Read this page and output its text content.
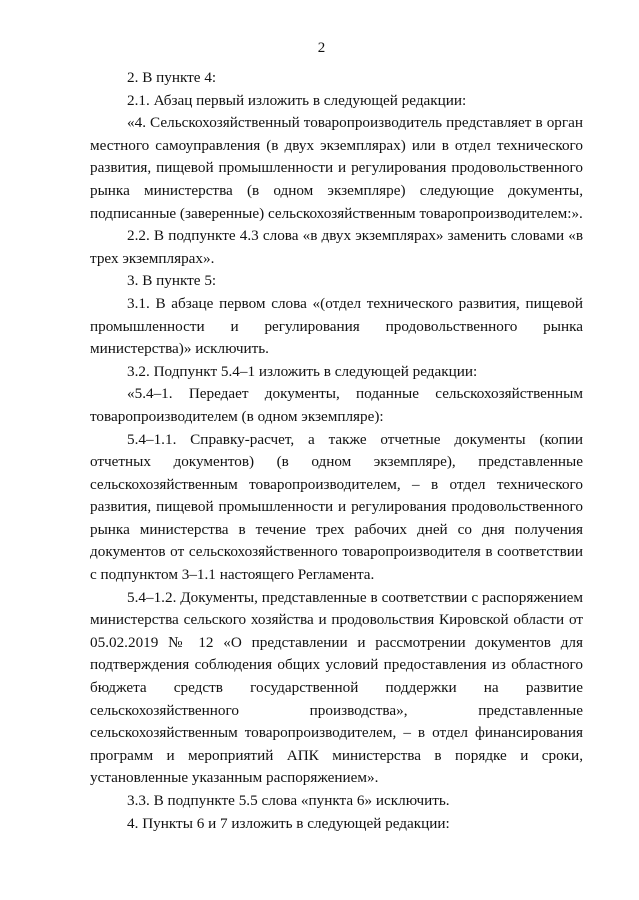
2

2. В пункте 4:

2.1. Абзац первый изложить в следующей редакции:

«4. Сельскохозяйственный товаропроизводитель представляет в орган местного самоуправления (в двух экземплярах) или в отдел технического развития, пищевой промышленности и регулирования продовольственного рынка министерства (в одном экземпляре) следующие документы, подписанные (заверенные) сельскохозяйственным товаропроизводителем:».

2.2. В подпункте 4.3 слова «в двух экземплярах» заменить словами «в трех экземплярах».

3. В пункте 5:

3.1. В абзаце первом слова «(отдел технического развития, пищевой промышленности и регулирования продовольственного рынка министерства)» исключить.

3.2. Подпункт 5.4–1 изложить в следующей редакции:

«5.4–1. Передает документы, поданные сельскохозяйственным товаропроизводителем (в одном экземпляре):

5.4–1.1. Справку-расчет, а также отчетные документы (копии отчетных документов) (в одном экземпляре), представленные сельскохозяйственным товаропроизводителем, – в отдел технического развития, пищевой промышленности и регулирования продовольственного рынка министерства в течение трех рабочих дней со дня получения документов от сельскохозяйственного товаропроизводителя в соответствии с подпунктом 3–1.1 настоящего Регламента.

5.4–1.2. Документы, представленные в соответствии с распоряжением министерства сельского хозяйства и продовольствия Кировской области от 05.02.2019 № 12 «О представлении и рассмотрении документов для подтверждения соблюдения общих условий предоставления из областного бюджета средств государственной поддержки на развитие сельскохозяйственного производства», представленные сельскохозяйственным товаропроизводителем, – в отдел финансирования программ и мероприятий АПК министерства в порядке и сроки, установленные указанным распоряжением».

3.3. В подпункте 5.5 слова «пункта 6» исключить.

4. Пункты 6 и 7 изложить в следующей редакции:
